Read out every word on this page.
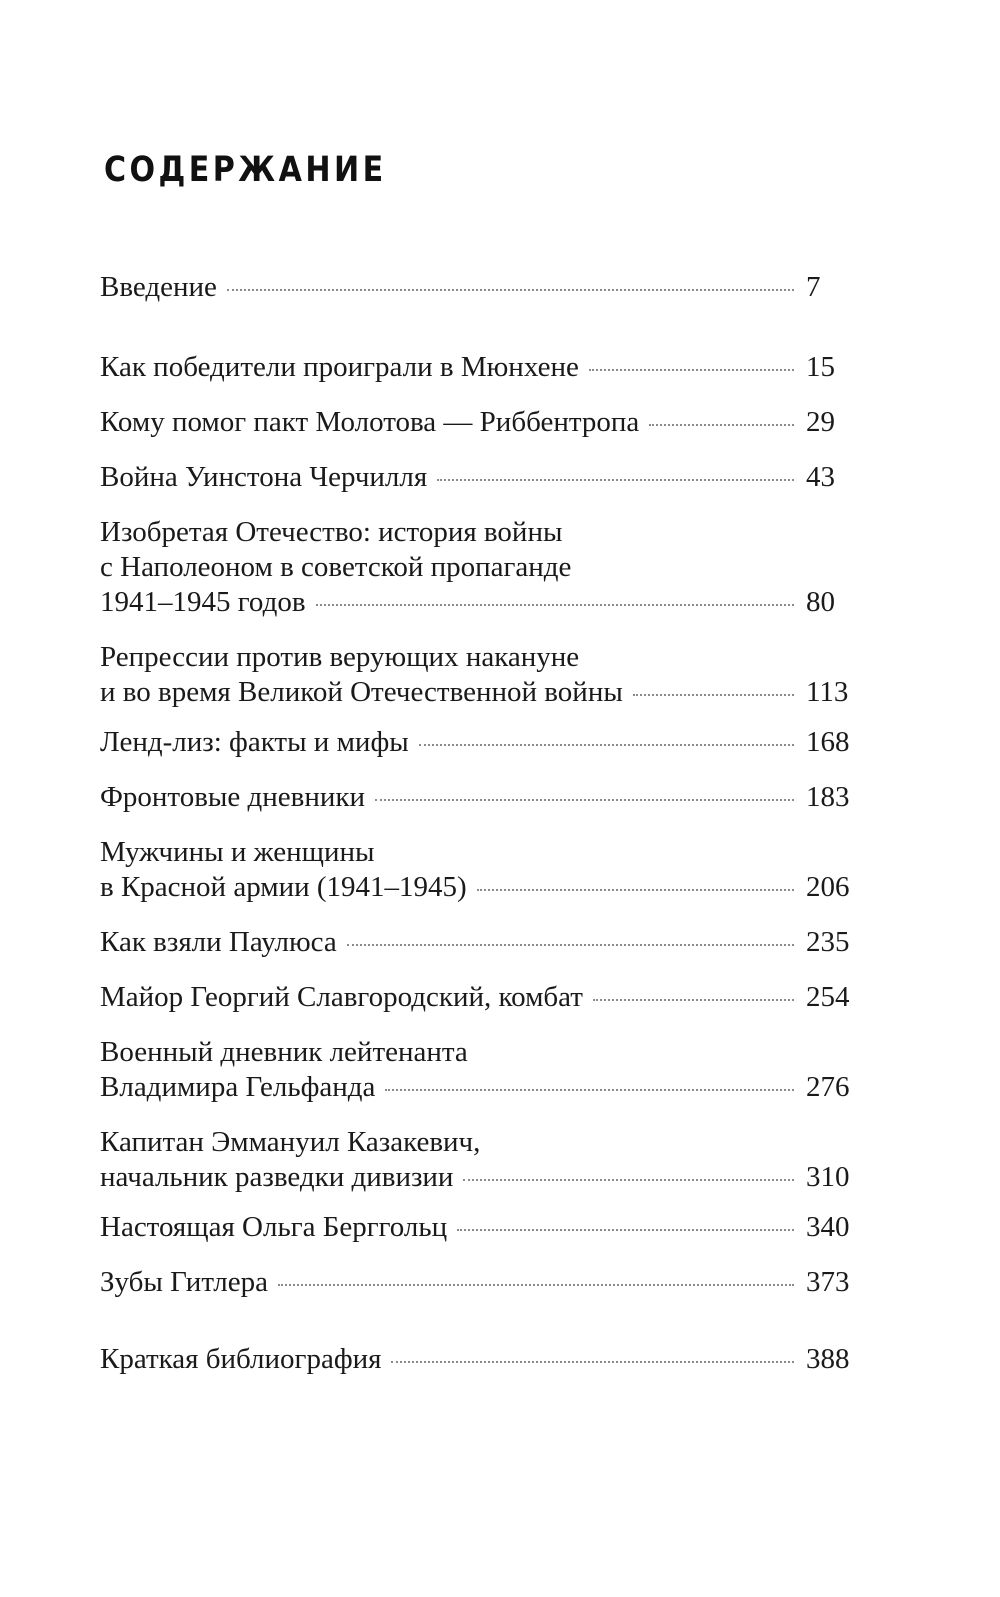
СОДЕРЖАНИЕ
Введение	7
Как победители проиграли в Мюнхене	15
Кому помог пакт Молотова — Риббентропа	29
Война Уинстона Черчилля	43
Изобретая Отечество: история войны
с Наполеоном в советской пропаганде
1941–1945 годов	80
Репрессии против верующих накануне
и во время Великой Отечественной войны	113
Ленд-лиз: факты и мифы	168
Фронтовые дневники	183
Мужчины и женщины
в Красной армии (1941–1945)	206
Как взяли Паулюса	235
Майор Георгий Славгородский, комбат	254
Военный дневник лейтенанта
Владимира Гельфанда	276
Капитан Эммануил Казакевич,
начальник разведки дивизии	310
Настоящая Ольга Берггольц	340
Зубы Гитлера	373
Краткая библиография	388
